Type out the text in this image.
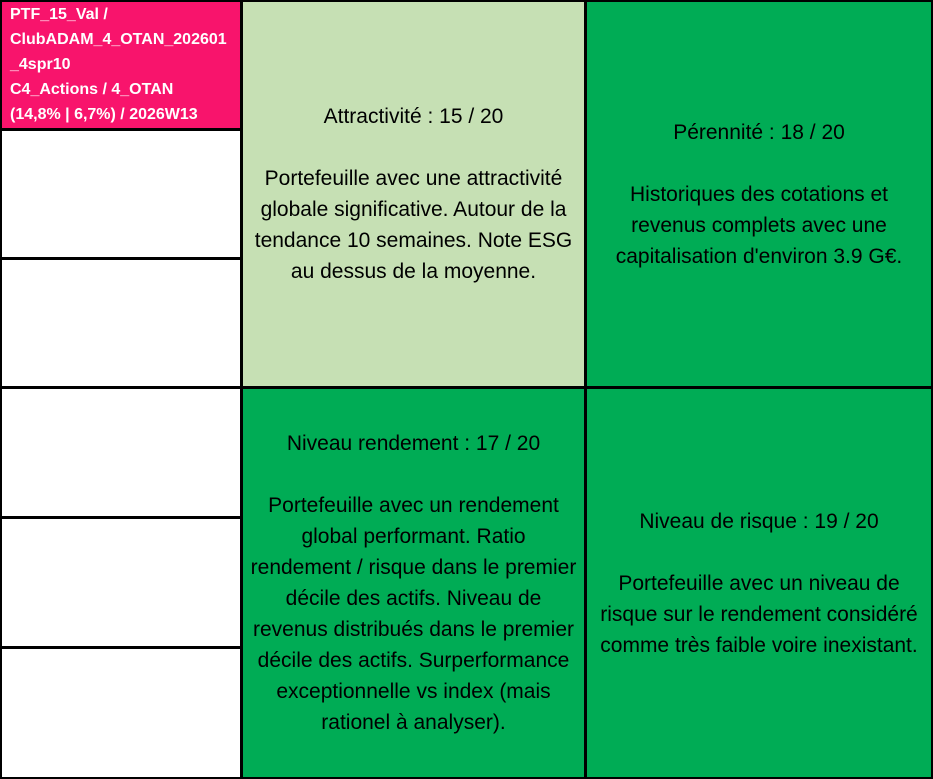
PTF_15_Val /
ClubADAM_4_OTAN_202601
_4spr10
C4_Actions / 4_OTAN
(14,8% | 6,7%) / 2026W13	Attractivité : 15 / 20
Portefeuille avec une attractivité globale significative. Autour de la tendance 10 semaines. Note ESG au dessus de la moyenne.
Pérennité : 18 / 20
Historiques des cotations et revenus complets avec une capitalisation d'environ 3.9 G€.
Niveau rendement : 17 / 20
Portefeuille avec un rendement global performant. Ratio rendement / risque dans le premier décile des actifs. Niveau de revenus distribués dans le premier décile des actifs. Surperformance exceptionnelle vs index (mais rationel à analyser).
Niveau de risque : 19 / 20
Portefeuille avec un niveau de risque sur le rendement considéré comme très faible voire inexistant.
